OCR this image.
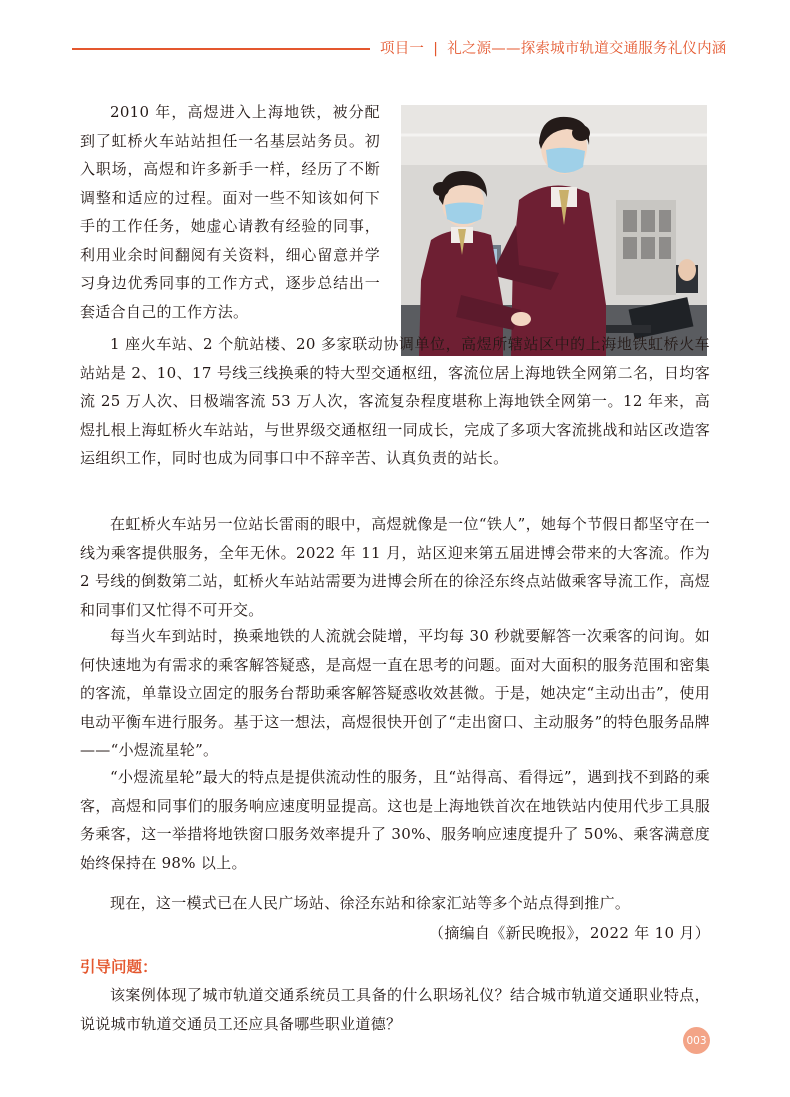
项目一 | 礼之源——探索城市轨道交通服务礼仪内涵

2010 年，高煜进入上海地铁，被分配到了虹桥火车站站担任一名基层站务员。初入职场，高煜和许多新手一样，经历了不断调整和适应的过程。面对一些不知该如何下手的工作任务，她虚心请教有经验的同事，利用业余时间翻阅有关资料，细心留意并学习身边优秀同事的工作方式，逐步总结出一套适合自己的工作方法。

1 座火车站、2 个航站楼、20 多家联动协调单位，高煜所辖站区中的上海地铁虹桥火车站站是 2、10、17 号线三线换乘的特大型交通枢纽，客流位居上海地铁全网第二名，日均客流 25 万人次、日极端客流 53 万人次，客流复杂程度堪称上海地铁全网第一。12 年来，高煜扎根上海虹桥火车站站，与世界级交通枢纽一同成长，完成了多项大客流挑战和站区改造客运组织工作，同时也成为同事口中不辞辛苦、认真负责的站长。

在虹桥火车站另一位站长雷雨的眼中，高煜就像是一位“铁人”，她每个节假日都坚守在一线为乘客提供服务，全年无休。2022 年 11 月，站区迎来第五届进博会带来的大客流。作为 2 号线的倒数第二站，虹桥火车站站需要为进博会所在的徐泾东终点站做乘客导流工作，高煜和同事们又忙得不可开交。

每当火车到站时，换乘地铁的人流就会陡增，平均每 30 秒就要解答一次乘客的问询。如何快速地为有需求的乘客解答疑惑，是高煜一直在思考的问题。面对大面积的服务范围和密集的客流，单靠设立固定的服务台帮助乘客解答疑惑收效甚微。于是，她决定“主动出击”，使用电动平衡车进行服务。基于这一想法，高煜很快开创了“走出窗口、主动服务”的特色服务品牌——“小煜流星轮”。

“小煜流星轮”最大的特点是提供流动性的服务，且“站得高、看得远”，遇到找不到路的乘客，高煜和同事们的服务响应速度明显提高。这也是上海地铁首次在地铁站内使用代步工具服务乘客，这一举措将地铁窗口服务效率提升了 30%、服务响应速度提升了 50%、乘客满意度始终保持在 98% 以上。

现在，这一模式已在人民广场站、徐泾东站和徐家汇站等多个站点得到推广。

（摘编自《新民晚报》，2022 年 10 月）
引导问题：

该案例体现了城市轨道交通系统员工具备的什么职场礼仪？结合城市轨道交通职业特点，说说城市轨道交通员工还应具备哪些职业道德？

003
